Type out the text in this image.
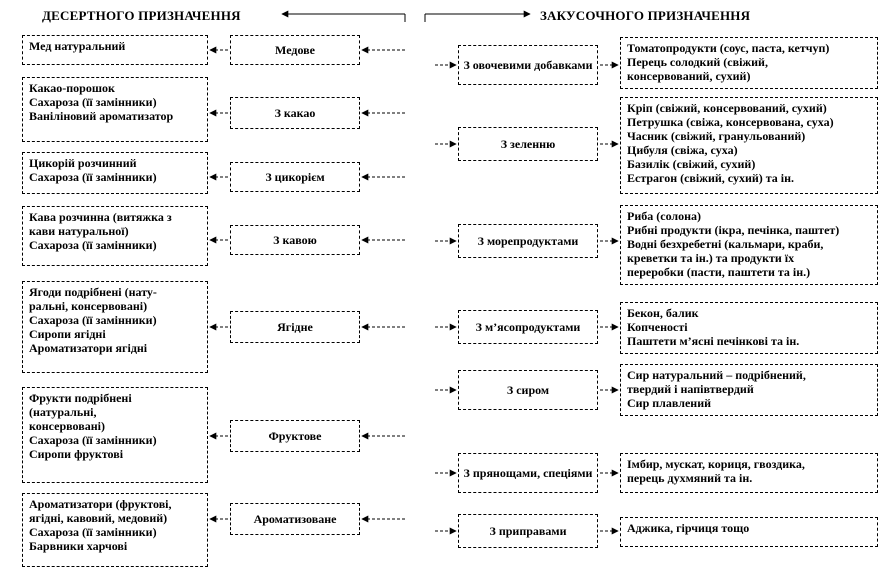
ДЕСЕРТНОГО ПРИЗНАЧЕННЯ	ЗАКУСОЧНОГО ПРИЗНАЧЕННЯ
Мед натуральний	Медове
Какао-порошок
Сахароза (її замінники)
Ваніліновий ароматизатор	З какао
Цикорій розчинний
Сахароза (її замінники)	З цикорієм
Кава розчинна (витяжка з
кави натуральної)
Сахароза (її замінники)	З кавою
Ягоди подрібнені (нату-
ральні, консервовані)
Сахароза (її замінники)
Сиропи ягідні
Ароматизатори ягідні
Ягідне
Фрукти подрібнені
(натуральні,
консервовані)
Сахароза (її замінники)
Сиропи фруктові
Фруктове
Ароматизатори (фруктові,
ягідні, кавовий, медовий)
Сахароза (її замінники)
Барвники харчові
Ароматизоване
З овочевими добавками
Томатопродукти (соус, паста, кетчуп)
Перець солодкий (свіжий,
консервований, сухий)
З зеленню
Кріп (свіжий, консервований, сухий)
Петрушка (свіжа, консервована, суха)
Часник (свіжий, гранульований)
Цибуля (свіжа, суха)
Базилік (свіжий, сухий)
Естрагон (свіжий, сухий) та ін.
З морепродуктами
Риба (солона)
Рибні продукти (ікра, печінка, паштет)
Водні безхребетні (кальмари, краби,
креветки та ін.) та продукти їх
переробки (пасти, паштети та ін.)
З м’ясопродуктами
Бекон, балик
Копченості
Паштети м’ясні печінкові та ін.
З сиром
Сир натуральний – подрібнений,
твердий і напівтвердий
Сир плавлений
З прянощами, спеціями
Імбир, мускат, кориця, гвоздика,
перець духмяний та ін.
З приправами	Аджика, гірчиця тощо
